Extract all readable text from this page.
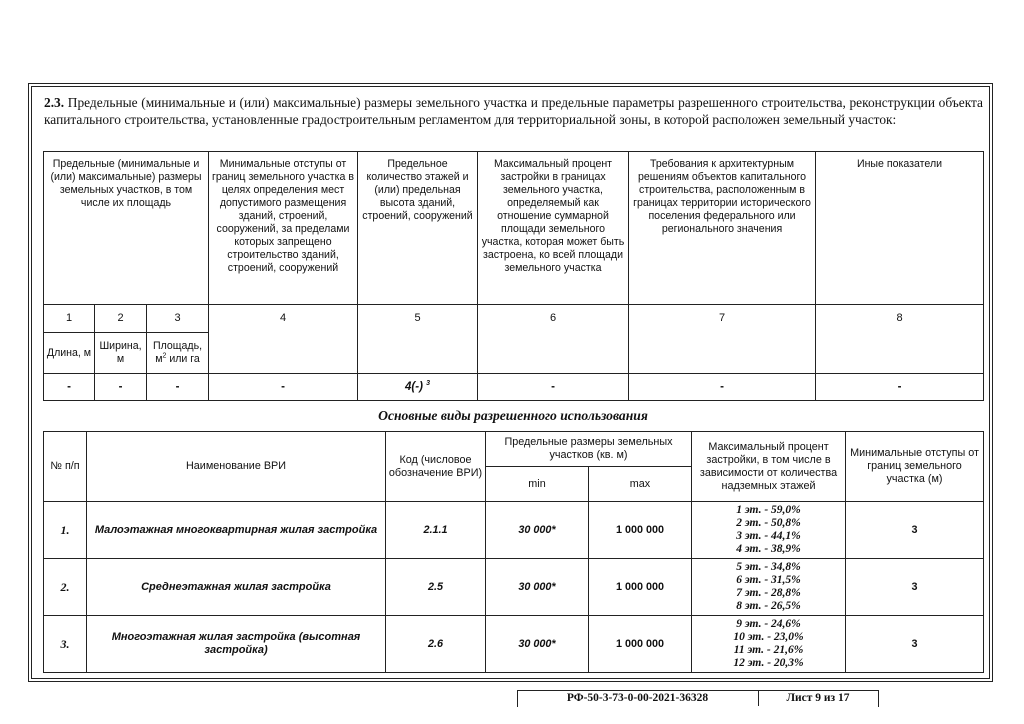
2.3. Предельные (минимальные и (или) максимальные) размеры земельного участка и предельные параметры разрешенного строительства, реконструкции объекта капитального строительства, установленные градостроительным регламентом для территориальной зоны, в которой расположен земельный участок:
Предельные (минимальные и (или) максимальные) размеры земельных участков, в том числе их площадь			Минимальные отступы от границ земельного участка в целях определения мест допустимого размещения зданий, строений, сооружений, за пределами которых запрещено строительство зданий, строений, сооружений	Предельное количество этажей и (или) предельная высота зданий, строений, сооружений	Максимальный процент застройки в границах земельного участка, определяемый как отношение суммарной площади земельного участка, которая может быть застроена, ко всей площади земельного участка	Требования к архитектурным решениям объектов капитального строительства, расположенным в границах территории исторического поселения федерального или регионального значения	Иные показатели
1	2	3	4	5	6	7	8
Длина, м	Ширина, м	Площадь, $м^2$ или га					
-	-	-	-	4(-) $^3$	-	-	-
Основные виды разрешенного использования
№ п/п	Наименование ВРИ	Код (числовое обозначение ВРИ)	Предельные размеры земельных участков (кв. м)		Максимальный процент застройки, в том числе в зависимости от количества надземных этажей	Минимальные отступы от границ земельного участка (м)
			min	max		
1.	Малоэтажная многоквартирная жилая застройка	2.1.1	30 000*	1 000 000	1 эт. - 59,0%
2 эт. - 50,8%
3 эт. - 44,1%
4 эт. - 38,9%	3
2.	Среднеэтажная жилая застройка	2.5	30 000*	1 000 000	5 эт. - 34,8%
6 эт. - 31,5%
7 эт. - 28,8%
8 эт. - 26,5%	3
3.	Многоэтажная жилая застройка (высотная застройка)	2.6	30 000*	1 000 000	9 эт. - 24,6%
10 эт. - 23,0%
11 эт. - 21,6%
12 эт. - 20,3%	3
РФ-50-3-73-0-00-2021-36328	Лист 9 из 17
